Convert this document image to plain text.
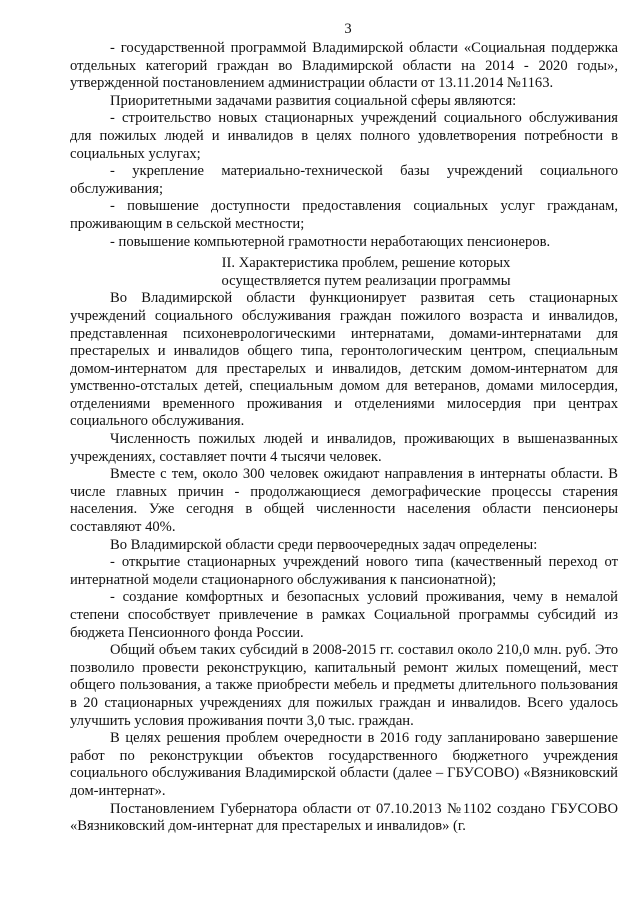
3

- государственной программой Владимирской области «Социальная поддержка отдельных категорий граждан во Владимирской области на 2014 - 2020 годы», утвержденной постановлением администрации области от 13.11.2014 №1163.

Приоритетными задачами развития социальной сферы являются:

- строительство новых стационарных учреждений социального обслуживания для пожилых людей и инвалидов в целях полного удовлетворения потребности в социальных услугах;

- укрепление материально-технической базы учреждений социального обслуживания;

- повышение доступности предоставления социальных услуг гражданам, проживающим в сельской местности;

- повышение компьютерной грамотности неработающих пенсионеров.

II. Характеристика проблем, решение которых
осуществляется путем реализации программы

Во Владимирской области функционирует развитая сеть стационарных учреждений социального обслуживания граждан пожилого возраста и инвалидов, представленная психоневрологическими интернатами, домами-интернатами для престарелых и инвалидов общего типа, геронтологическим центром, специальным домом-интернатом для престарелых и инвалидов, детским домом-интернатом для умственно-отсталых детей, специальным домом для ветеранов, домами милосердия, отделениями временного проживания и отделениями милосердия при центрах социального обслуживания.

Численность пожилых людей и инвалидов, проживающих в вышеназванных учреждениях, составляет почти 4 тысячи человек.

Вместе с тем, около 300 человек ожидают направления в интернаты области. В числе главных причин - продолжающиеся демографические процессы старения населения. Уже сегодня в общей численности населения области пенсионеры составляют 40%.

Во Владимирской области среди первоочередных задач определены:

- открытие стационарных учреждений нового типа (качественный переход от интернатной модели стационарного обслуживания к пансионатной);

- создание комфортных и безопасных условий проживания, чему в немалой степени способствует привлечение в рамках Социальной программы субсидий из бюджета Пенсионного фонда России.

Общий объем таких субсидий в 2008-2015 гг. составил около 210,0 млн. руб. Это позволило провести реконструкцию, капитальный ремонт жилых помещений, мест общего пользования, а также приобрести мебель и предметы длительного пользования в 20 стационарных учреждениях для пожилых граждан и инвалидов. Всего удалось улучшить условия проживания почти 3,0 тыс. граждан.

В целях решения проблем очередности в 2016 году запланировано завершение работ по реконструкции объектов государственного бюджетного учреждения социального обслуживания Владимирской области (далее – ГБУСОВО) «Вязниковский дом-интернат».

Постановлением Губернатора области от 07.10.2013 №1102 создано ГБУСОВО «Вязниковский дом-интернат для престарелых и инвалидов» (г.
